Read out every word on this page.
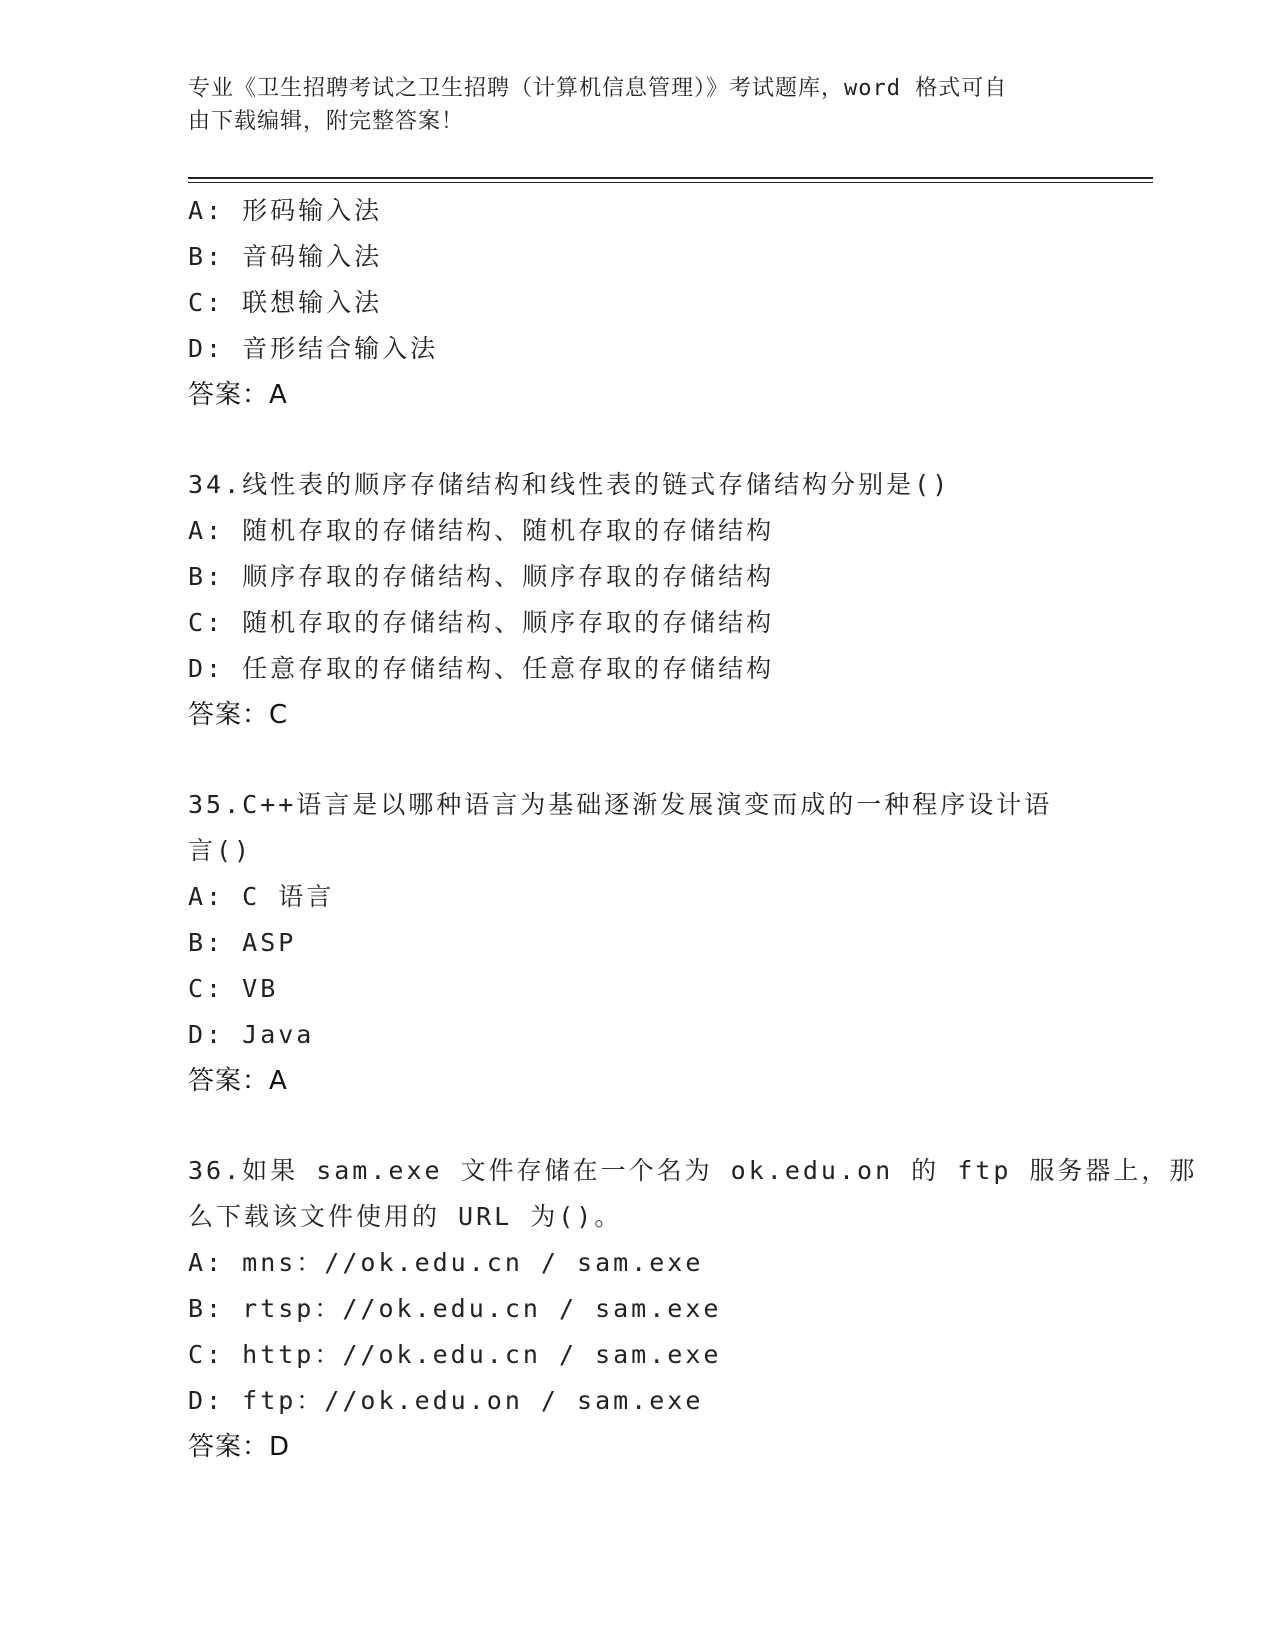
专业《卫生招聘考试之卫生招聘（计算机信息管理）》考试题库，word 格式可自
由下载编辑，附完整答案！
A: 形码输入法
B: 音码输入法
C: 联想输入法
D: 音形结合输入法
答案：A
34.线性表的顺序存储结构和线性表的链式存储结构分别是()
A: 随机存取的存储结构、随机存取的存储结构
B: 顺序存取的存储结构、顺序存取的存储结构
C: 随机存取的存储结构、顺序存取的存储结构
D: 任意存取的存储结构、任意存取的存储结构
答案：C
35.C++语言是以哪种语言为基础逐渐发展演变而成的一种程序设计语
言()
A: C 语言
B: ASP
C: VB
D: Java
答案：A
36.如果 sam.exe 文件存储在一个名为 ok.edu.on 的 ftp 服务器上，那
么下载该文件使用的 URL 为()。
A: mns：//ok.edu.cn / sam.exe
B: rtsp：//ok.edu.cn / sam.exe
C: http：//ok.edu.cn / sam.exe
D: ftp：//ok.edu.on / sam.exe
答案：D
